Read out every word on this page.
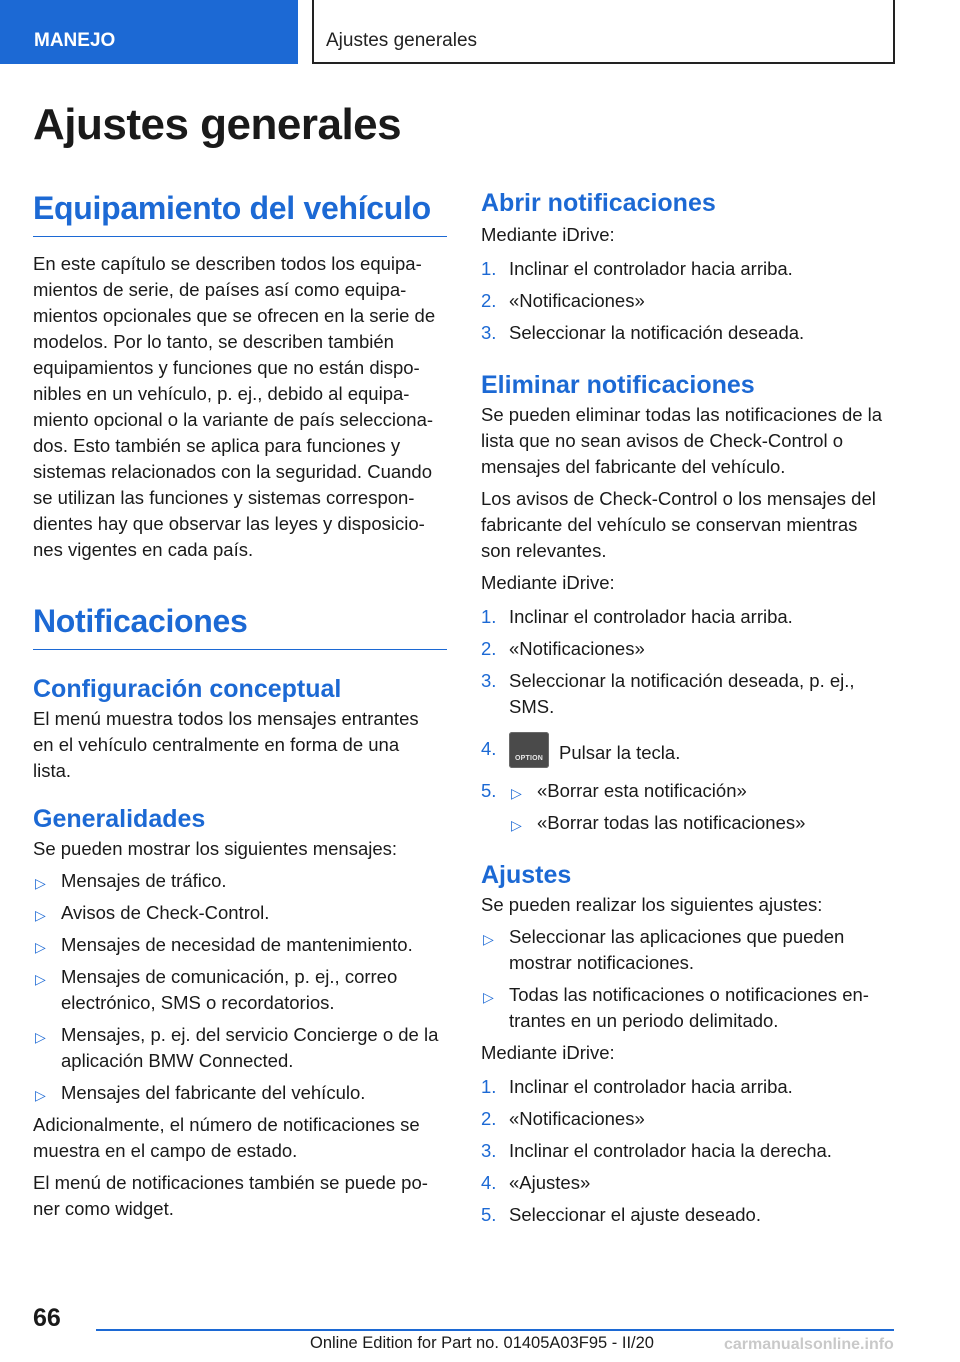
MANEJO	Ajustes generales
Ajustes generales
Equipamiento del vehículo
En este capítulo se describen todos los equipa-
mientos de serie, de países así como equipa-
mientos opcionales que se ofrecen en la serie de
modelos. Por lo tanto, se describen también
equipamientos y funciones que no están dispo-
nibles en un vehículo, p. ej., debido al equipa-
miento opcional o la variante de país selecciona-
dos. Esto también se aplica para funciones y
sistemas relacionados con la seguridad. Cuando
se utilizan las funciones y sistemas correspon-
dientes hay que observar las leyes y disposicio-
nes vigentes en cada país.
Notificaciones
Configuración conceptual
El menú muestra todos los mensajes entrantes
en el vehículo centralmente en forma de una
lista.
Generalidades
Se pueden mostrar los siguientes mensajes:
▷ Mensajes de tráfico.
▷ Avisos de Check-Control.
▷ Mensajes de necesidad de mantenimiento.
▷ Mensajes de comunicación, p. ej., correo
electrónico, SMS o recordatorios.
▷ Mensajes, p. ej. del servicio Concierge o de la
aplicación BMW Connected.
▷ Mensajes del fabricante del vehículo.
Adicionalmente, el número de notificaciones se
muestra en el campo de estado.
El menú de notificaciones también se puede po-
ner como widget.
Abrir notificaciones
Mediante iDrive:
1. Inclinar el controlador hacia arriba.
2. «Notificaciones»
3. Seleccionar la notificación deseada.
Eliminar notificaciones
Se pueden eliminar todas las notificaciones de la
lista que no sean avisos de Check-Control o
mensajes del fabricante del vehículo.
Los avisos de Check-Control o los mensajes del
fabricante del vehículo se conservan mientras
son relevantes.
Mediante iDrive:
1. Inclinar el controlador hacia arriba.
2. «Notificaciones»
3. Seleccionar la notificación deseada, p. ej.,
SMS.
4.	OPTION Pulsar la tecla.
5. ▷ «Borrar esta notificación»
▷ «Borrar todas las notificaciones»
Ajustes
Se pueden realizar los siguientes ajustes:
▷ Seleccionar las aplicaciones que pueden
mostrar notificaciones.
▷ Todas las notificaciones o notificaciones en-
trantes en un periodo delimitado.
Mediante iDrive:
1. Inclinar el controlador hacia arriba.
2. «Notificaciones»
3. Inclinar el controlador hacia la derecha.
4. «Ajustes»
5. Seleccionar el ajuste deseado.
66
Online Edition for Part no. 01405A03F95 - II/20	carmanualsonline.info
